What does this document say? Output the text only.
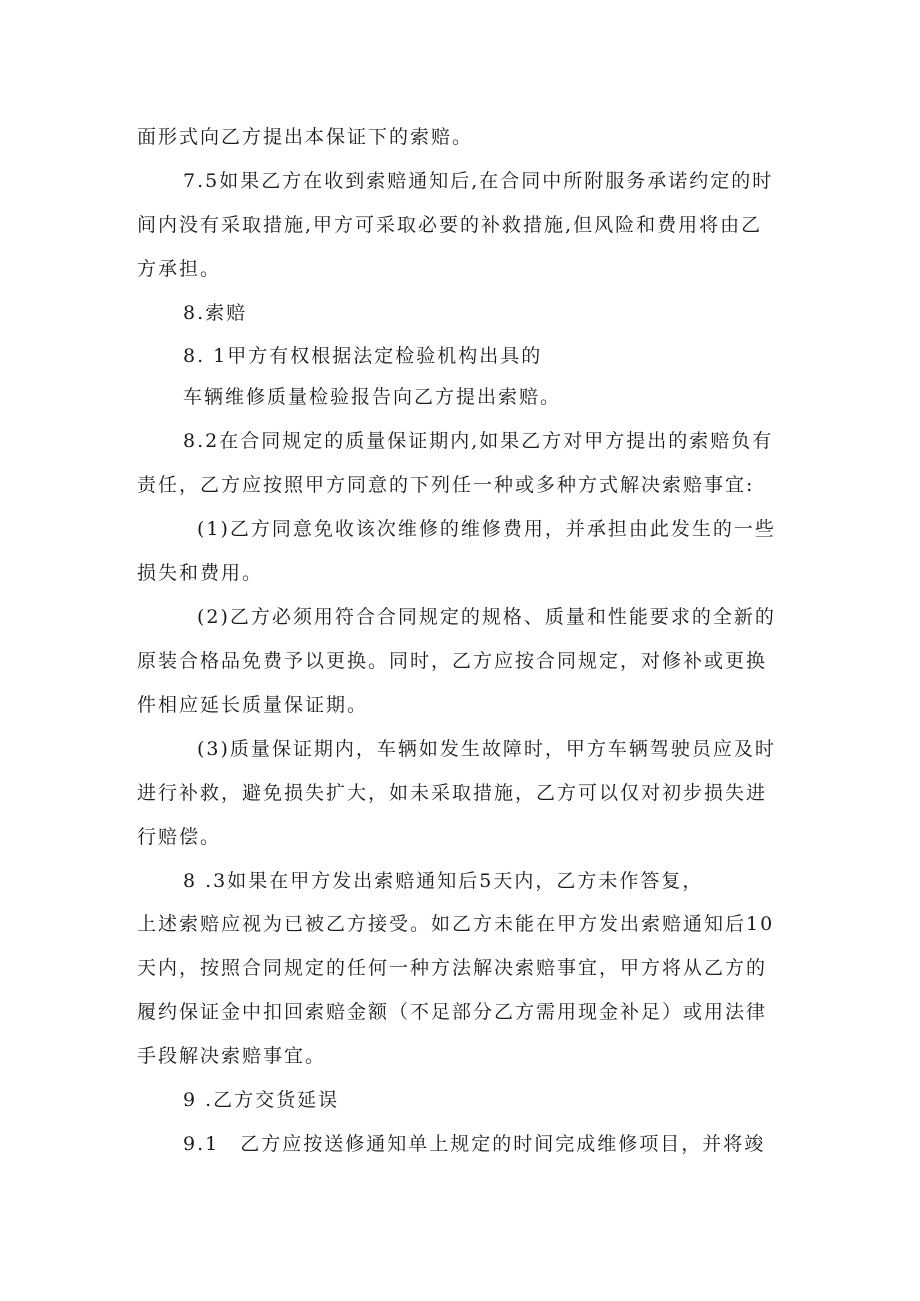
面形式向乙方提出本保证下的索赔。
7.5如果乙方在收到索赔通知后,在合同中所附服务承诺约定的时
间内没有采取措施,甲方可采取必要的补救措施,但风险和费用将由乙
方承担。
8.索赔
8. 1甲方有权根据法定检验机构出具的
车辆维修质量检验报告向乙方提出索赔。
8.2在合同规定的质量保证期内,如果乙方对甲方提出的索赔负有
责任，乙方应按照甲方同意的下列任一种或多种方式解决索赔事宜:
(1)乙方同意免收该次维修的维修费用，并承担由此发生的一些
损失和费用。
(2)乙方必须用符合合同规定的规格、质量和性能要求的全新的
原装合格品免费予以更换。同时，乙方应按合同规定，对修补或更换
件相应延长质量保证期。
(3)质量保证期内，车辆如发生故障时，甲方车辆驾驶员应及时
进行补救，避免损失扩大，如未采取措施，乙方可以仅对初步损失进
行赔偿。
8 .3如果在甲方发出索赔通知后5天内，乙方未作答复，
上述索赔应视为已被乙方接受。如乙方未能在甲方发出索赔通知后10
天内，按照合同规定的任何一种方法解决索赔事宜，甲方将从乙方的
履约保证金中扣回索赔金额（不足部分乙方需用现金补足）或用法律
手段解决索赔事宜。
9 .乙方交货延误
9.1　乙方应按送修通知单上规定的时间完成维修项目，并将竣
